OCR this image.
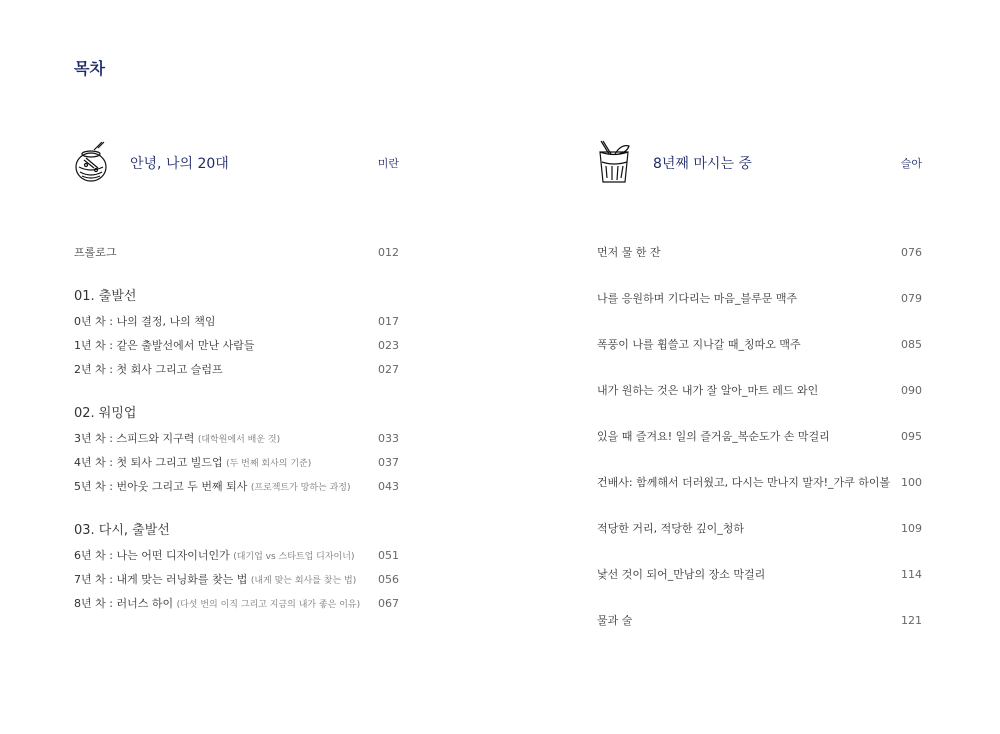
목차
안녕, 나의 20대	미란
프롤로그	012
01. 출발선
0년 차 : 나의 결정, 나의 책임	017
1년 차 : 같은 출발선에서 만난 사람들	023
2년 차 : 첫 회사 그리고 슬럼프	027
02. 워밍업
3년 차 : 스피드와 지구력 (대학원에서 배운 것)	033
4년 차 : 첫 퇴사 그리고 빌드업 (두 번째 회사의 기준)	037
5년 차 : 번아웃 그리고 두 번째 퇴사 (프로젝트가 망하는 과정) 043
03. 다시, 출발선
6년 차 : 나는 어떤 디자이너인가 (대기업 vs 스타트업 디자이너) 051
7년 차 : 내게 맞는 러닝화를 찾는 법 (내게 맞는 회사를 찾는 법) 056
8년 차 : 러너스 하이 (다섯 번의 이직 그리고 지금의 내가 좋은 이유) 067
8년째 마시는 중	슬아
먼저 물 한 잔	076
나를 응원하며 기다리는 마음_블루문 맥주	079
폭풍이 나를 휩쓸고 지나갈 때_칭따오 맥주	085
내가 원하는 것은 내가 잘 알아_마트 레드 와인	090
있을 때 즐겨요! 일의 즐거움_복순도가 손 막걸리	095
건배사: 함께해서 더러웠고, 다시는 만나지 말자!_가쿠 하이볼 100
적당한 거리, 적당한 깊이_청하	109
낯선 것이 되어_만남의 장소 막걸리	114
물과 술	121
